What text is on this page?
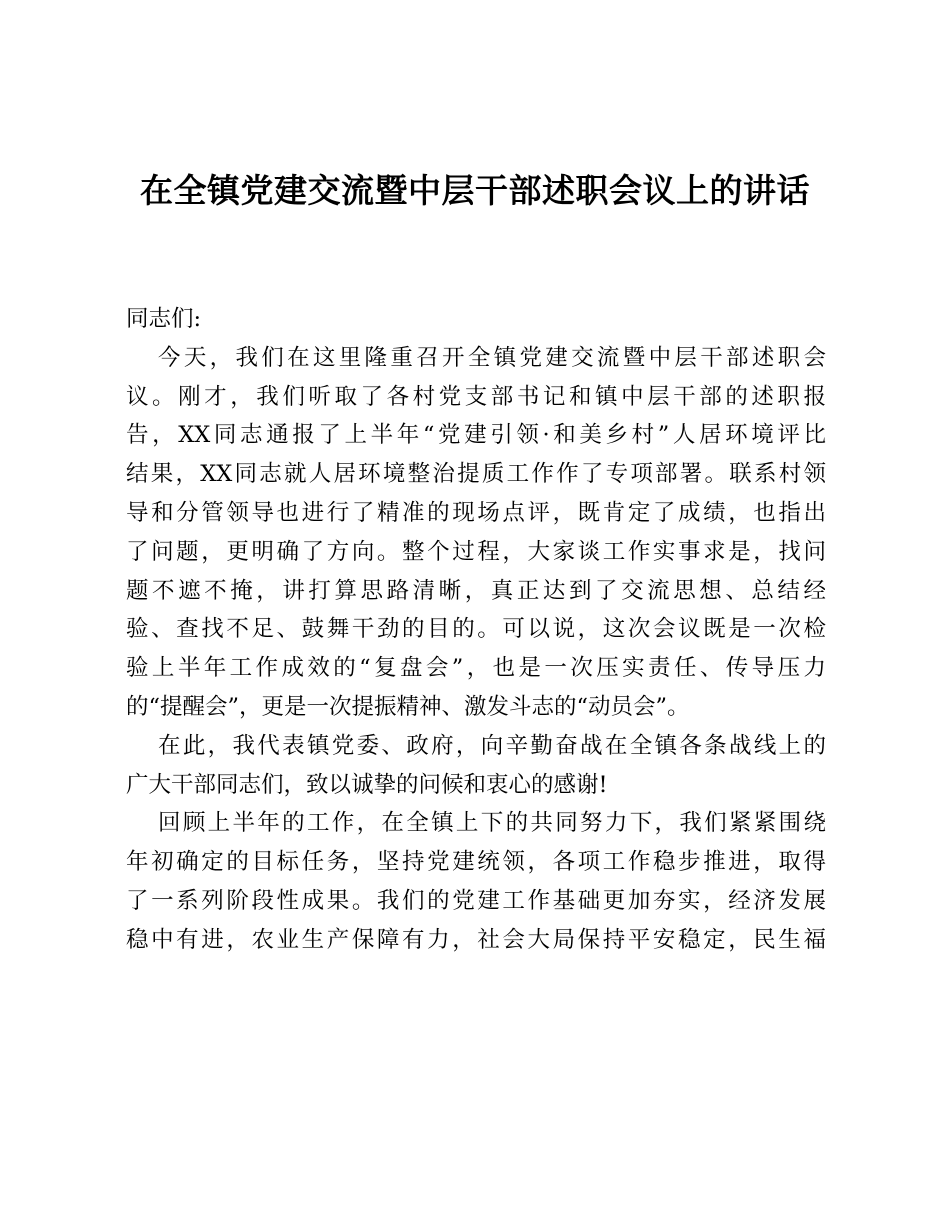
在全镇党建交流暨中层干部述职会议上的讲话
同志们:
今天，我们在这里隆重召开全镇党建交流暨中层干部述职会
议。刚才，我们听取了各村党支部书记和镇中层干部的述职报
告，XX同志通报了上半年“党建引领·和美乡村”人居环境评比
结果，XX同志就人居环境整治提质工作作了专项部署。联系村领
导和分管领导也进行了精准的现场点评，既肯定了成绩，也指出
了问题，更明确了方向。整个过程，大家谈工作实事求是，找问
题不遮不掩，讲打算思路清晰，真正达到了交流思想、总结经
验、查找不足、鼓舞干劲的目的。可以说，这次会议既是一次检
验上半年工作成效的“复盘会”，也是一次压实责任、传导压力
的“提醒会”，更是一次提振精神、激发斗志的“动员会”。
在此，我代表镇党委、政府，向辛勤奋战在全镇各条战线上的
广大干部同志们，致以诚挚的问候和衷心的感谢!
回顾上半年的工作，在全镇上下的共同努力下，我们紧紧围绕
年初确定的目标任务，坚持党建统领，各项工作稳步推进，取得
了一系列阶段性成果。我们的党建工作基础更加夯实，经济发展
稳中有进，农业生产保障有力，社会大局保持平安稳定，民生福
